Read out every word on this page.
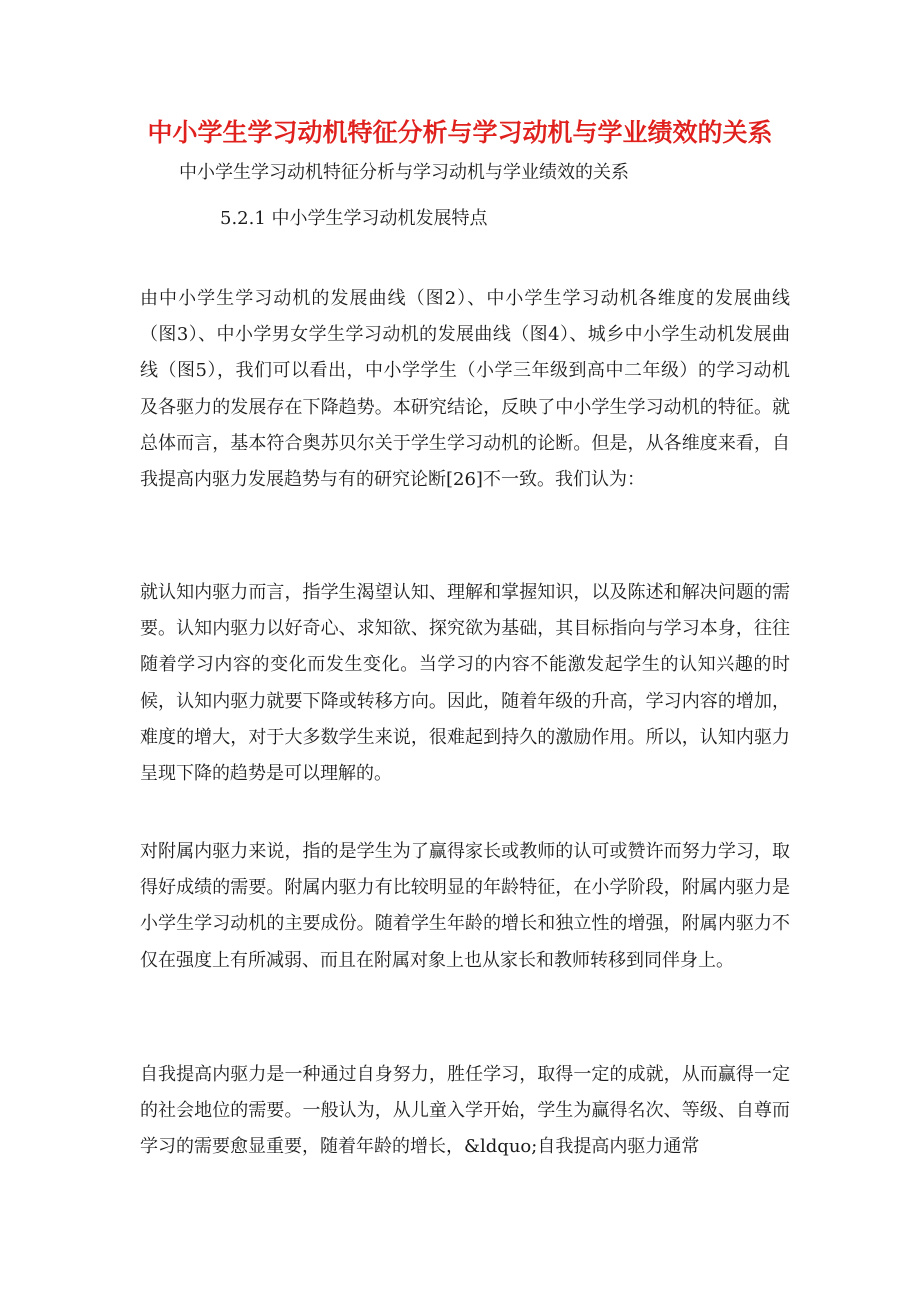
中小学生学习动机特征分析与学习动机与学业绩效的关系
中小学生学习动机特征分析与学习动机与学业绩效的关系
5.2.1 中小学生学习动机发展特点

由中小学生学习动机的发展曲线（图2）、中小学生学习动机各维度的发展曲线（图3）、中小学男女学生学习动机的发展曲线（图4）、城乡中小学生动机发展曲线（图5），我们可以看出，中小学学生（小学三年级到高中二年级）的学习动机及各驱力的发展存在下降趋势。本研究结论，反映了中小学生学习动机的特征。就总体而言，基本符合奥苏贝尔关于学生学习动机的论断。但是，从各维度来看，自我提高内驱力发展趋势与有的研究论断[26]不一致。我们认为：

就认知内驱力而言，指学生渴望认知、理解和掌握知识，以及陈述和解决问题的需要。认知内驱力以好奇心、求知欲、探究欲为基础，其目标指向与学习本身，往往随着学习内容的变化而发生变化。当学习的内容不能激发起学生的认知兴趣的时候，认知内驱力就要下降或转移方向。因此，随着年级的升高，学习内容的增加，难度的增大，对于大多数学生来说，很难起到持久的激励作用。所以，认知内驱力呈现下降的趋势是可以理解的。

对附属内驱力来说，指的是学生为了赢得家长或教师的认可或赞许而努力学习，取得好成绩的需要。附属内驱力有比较明显的年龄特征，在小学阶段，附属内驱力是小学生学习动机的主要成份。随着学生年龄的增长和独立性的增强，附属内驱力不仅在强度上有所减弱、而且在附属对象上也从家长和教师转移到同伴身上。

自我提高内驱力是一种通过自身努力，胜任学习，取得一定的成就，从而赢得一定的社会地位的需要。一般认为，从儿童入学开始，学生为赢得名次、等级、自尊而学习的需要愈显重要，随着年龄的增长，&ldquo;自我提高内驱力通常
